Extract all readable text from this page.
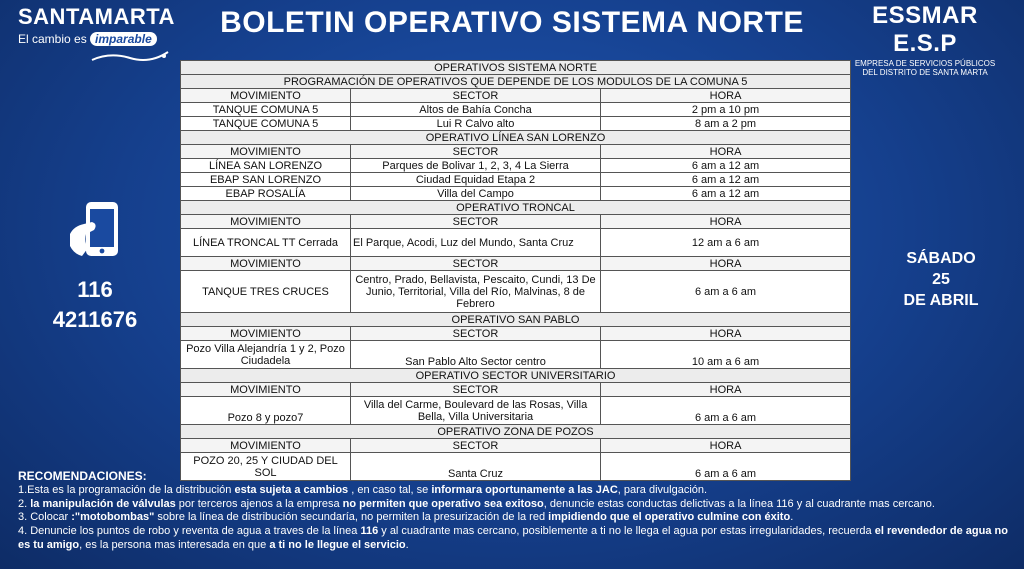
SANTAMARTA
El cambio es imparable	BOLETIN OPERATIVO SISTEMA NORTE	ESSMAR E.S.P
EMPRESA DE SERVICIOS PÚBLICOS
DEL DISTRITO DE SANTA MARTA
116
4211676
SÁBADO
25
DE ABRIL
OPERATIVOS SISTEMA NORTE		
PROGRAMACIÓN DE OPERATIVOS QUE DEPENDE DE LOS MODULOS DE LA COMUNA 5		
MOVIMIENTO	SECTOR	HORA
TANQUE COMUNA 5	Altos de Bahía Concha	2 pm a 10 pm
TANQUE COMUNA 5	Lui R Calvo alto	8 am a 2 pm
OPERATIVO LÍNEA SAN LORENZO		
MOVIMIENTO	SECTOR	HORA
LÍNEA SAN LORENZO	Parques de Bolivar 1, 2, 3, 4 La Sierra	6 am a 12 am
EBAP SAN LORENZO	Ciudad Equidad Etapa 2	6 am a 12 am
EBAP ROSALÍA	Villa del Campo	6 am a 12 am
OPERATIVO TRONCAL		
MOVIMIENTO	SECTOR	HORA
LÍNEA TRONCAL TT Cerrada	El Parque, Acodi, Luz del Mundo, Santa Cruz	12 am a 6 am
MOVIMIENTO	SECTOR	HORA
TANQUE TRES CRUCES	Centro, Prado, Bellavista, Pescaito, Cundi, 13 De Junio, Territorial, Villa del Río, Malvinas, 8 de Febrero	6 am a 6 am
OPERATIVO SAN PABLO		
MOVIMIENTO	SECTOR	HORA
Pozo Villa Alejandría 1 y 2, Pozo Ciudadela	San Pablo Alto Sector centro	10 am a 6 am
OPERATIVO SECTOR UNIVERSITARIO		
MOVIMIENTO	SECTOR	HORA
Pozo 8 y pozo7	Villa del Carme, Boulevard de las Rosas, Villa Bella, Villa Universitaria	6 am a 6 am
OPERATIVO ZONA DE POZOS		
MOVIMIENTO	SECTOR	HORA
POZO 20, 25 Y CIUDAD DEL SOL	Santa Cruz	6 am a 6 am
RECOMENDACIONES:

1.Esta es la programación de la distribución esta sujeta a cambios , en caso tal, se informara oportunamente a las JAC, para divulgación.

2. la manipulación de válvulas por terceros ajenos a la empresa no permiten que operativo sea exitoso, denuncie estas conductas delictivas a la línea 116 y al cuadrante mas cercano.

3. Colocar :"motobombas" sobre la línea de distribución secundaría, no permiten la presurización de la red impidiendo que el operativo culmine con éxito.

4. Denuncie los puntos de robo y reventa de agua a traves de la línea 116 y al cuadrante mas cercano, posiblemente a ti no le llega el agua por estas irregularidades, recuerda el revendedor de agua no es tu amigo, es la persona mas interesada en que a ti no le llegue el servicio.
